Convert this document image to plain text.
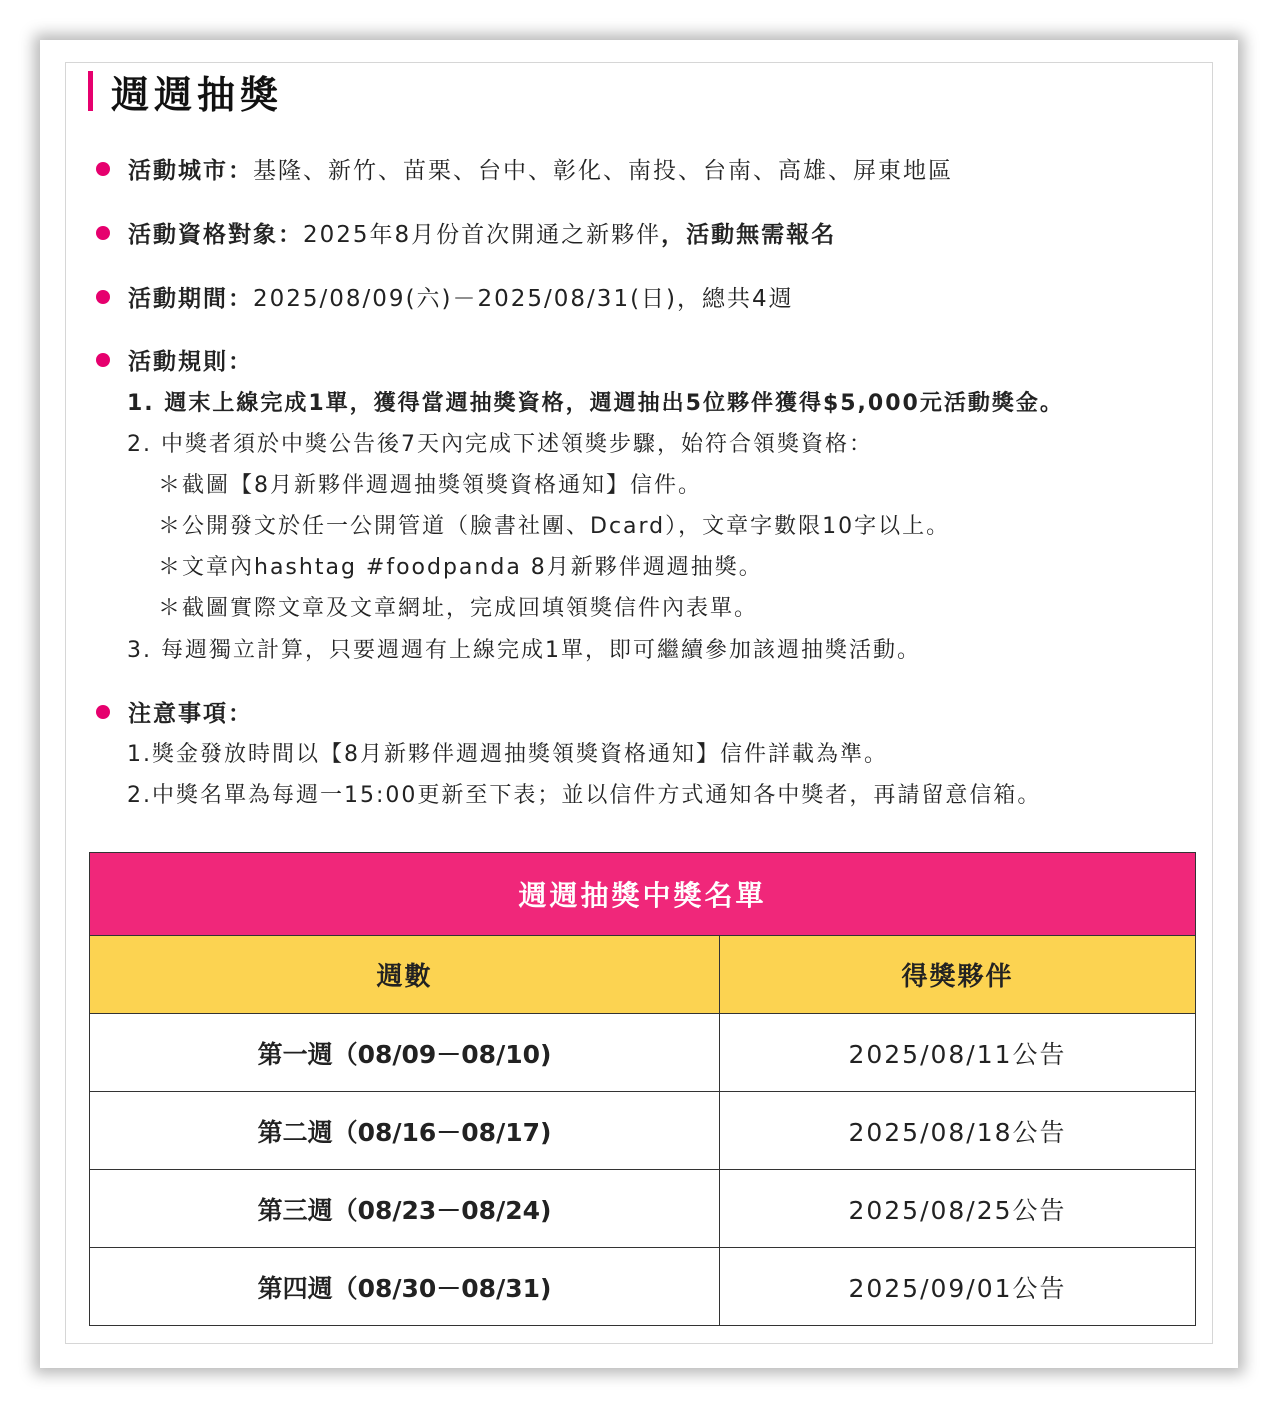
週週抽獎
活動城市： 基隆、新竹、苗栗、台中、彰化、南投、台南、高雄、屏東地區
活動資格對象： 2025年8月份首次開通之新夥伴 ，活動無需報名
活動期間： 2025/08/09(六)－2025/08/31(日)，總共4週
活動規則：
1. 週末上線完成1單，獲得當週抽獎資格，週週抽出5位夥伴獲得$5,000元活動獎金。
2. 中獎者須於中獎公告後7天內完成下述領獎步驟，始符合領獎資格：
＊截圖【8月新夥伴週週抽獎領獎資格通知】信件。
＊公開發文於任一公開管道（臉書社團、Dcard），文章字數限10字以上。
＊文章內hashtag #foodpanda 8月新夥伴週週抽獎。
＊截圖實際文章及文章網址，完成回填領獎信件內表單。
3. 每週獨立計算，只要週週有上線完成1單，即可繼續參加該週抽獎活動。
注意事項：
1.獎金發放時間以【8月新夥伴週週抽獎領獎資格通知】信件詳載為準。
2.中獎名單為每週一15:00更新至下表；並以信件方式通知各中獎者，再請留意信箱。
週週抽獎中獎名單	
週數	得獎夥伴
第一週（08/09－08/10)	2025/08/11公告
第二週（08/16－08/17)	2025/08/18公告
第三週（08/23－08/24)	2025/08/25公告
第四週（08/30－08/31)	2025/09/01公告
